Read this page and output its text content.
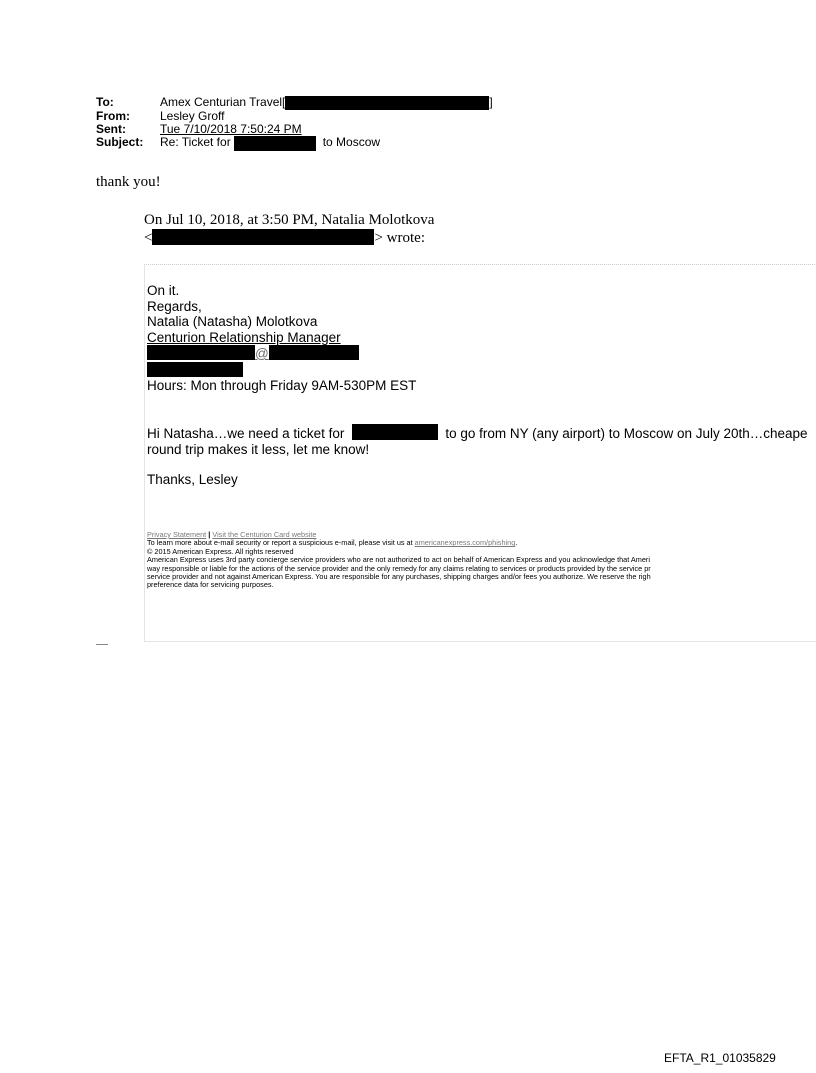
To:	Amex Centurian Travel[	]
From:	Lesley Groff
Sent:	Tue 7/10/2018 7:50:24 PM
Subject:	Re: Ticket for

	to Moscow
thank you!
On Jul 10, 2018, at 3:50 PM, Natalia Molotkova
<	> wrote:
On it.
Regards,
Natalia (Natasha) Molotkova
Centurion Relationship Manager
@
Hours: Mon through Friday 9AM-530PM EST
Hi Natasha…we need a ticket for	to go from NY (any airport) to Moscow on July 20th…cheape
round trip makes it less, let me know!
Thanks, Lesley
Privacy Statement | Visit the Centurion Card website
To learn more about e-mail security or report a suspicious e-mail, please visit us at americanexpress.com/phishing.
© 2015 American Express. All rights reserved
American Express uses 3rd party concierge service providers who are not authorized to act on behalf of American Express and you acknowledge that Ameri
way responsible or liable for the actions of the service provider and the only remedy for any claims relating to services or products provided by the service pr
service provider and not against American Express. You are responsible for any purchases, shipping charges and/or fees you authorize. We reserve the righ
preference data for servicing purposes.
EFTA_R1_01035829
